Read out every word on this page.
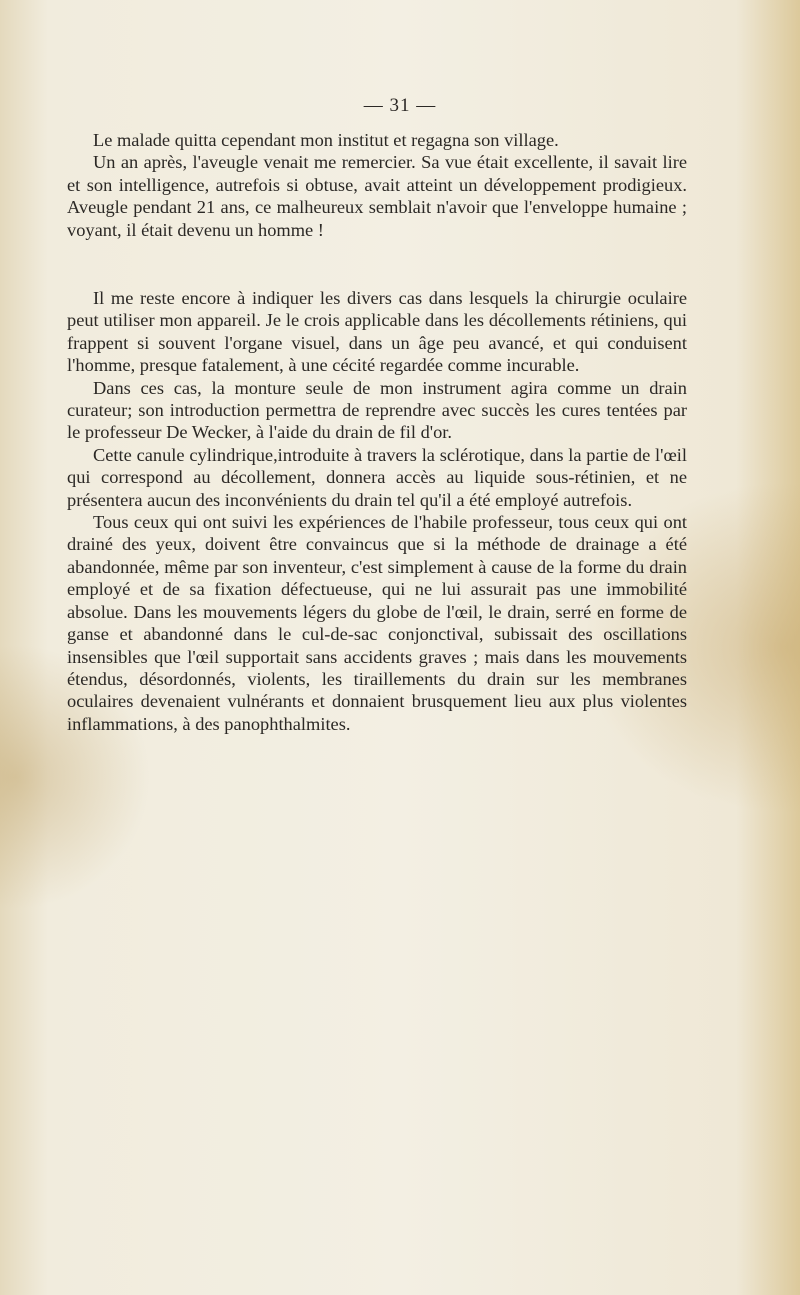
— 31 —

Le malade quitta cependant mon institut et regagna son village.

Un an après, l'aveugle venait me remercier. Sa vue était excellente, il savait lire et son intelligence, autrefois si obtuse, avait atteint un développement prodigieux. Aveugle pendant 21 ans, ce malheureux semblait n'avoir que l'enveloppe humaine ; voyant, il était devenu un homme !

Il me reste encore à indiquer les divers cas dans lesquels la chirurgie oculaire peut utiliser mon appareil. Je le crois applicable dans les décollements rétiniens, qui frappent si souvent l'organe visuel, dans un âge peu avancé, et qui conduisent l'homme, presque fatalement, à une cécité regardée comme incurable.

Dans ces cas, la monture seule de mon instrument agira comme un drain curateur; son introduction permettra de reprendre avec succès les cures tentées par le professeur De Wecker, à l'aide du drain de fil d'or.

Cette canule cylindrique,introduite à travers la sclérotique, dans la partie de l'œil qui correspond au décollement, donnera accès au liquide sous-rétinien, et ne présentera aucun des inconvénients du drain tel qu'il a été employé autrefois.

Tous ceux qui ont suivi les expériences de l'habile professeur, tous ceux qui ont drainé des yeux, doivent être convaincus que si la méthode de drainage a été abandonnée, même par son inventeur, c'est simplement à cause de la forme du drain employé et de sa fixation défectueuse, qui ne lui assurait pas une immobilité absolue. Dans les mouvements légers du globe de l'œil, le drain, serré en forme de ganse et abandonné dans le cul-de-sac conjonctival, subissait des oscillations insensibles que l'œil supportait sans accidents graves ; mais dans les mouvements étendus, désordonnés, violents, les tiraillements du drain sur les membranes oculaires devenaient vulnérants et donnaient brusquement lieu aux plus violentes inflammations, à des panophthalmites.
